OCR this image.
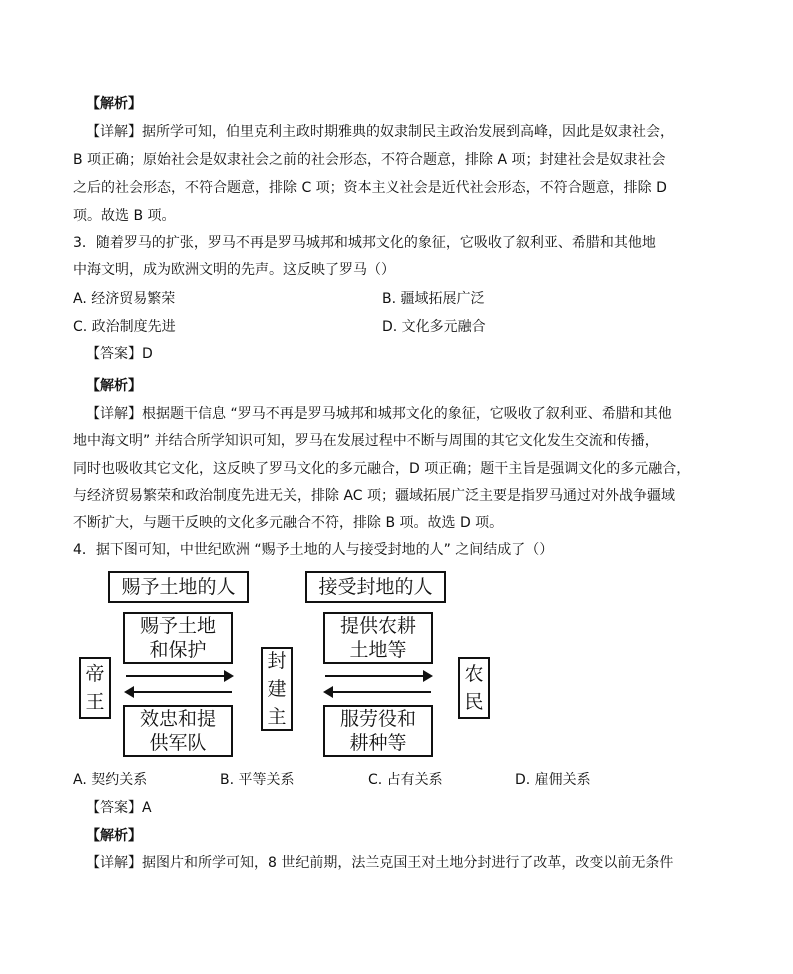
【解析】
【详解】据所学可知，伯里克利主政时期雅典的奴隶制民主政治发展到高峰，因此是奴隶社会，
B 项正确；原始社会是奴隶社会之前的社会形态，不符合题意，排除 A 项；封建社会是奴隶社会
之后的社会形态，不符合题意，排除 C 项；资本主义社会是近代社会形态，不符合题意，排除 D
项。故选 B 项。
3．随着罗马的扩张，罗马不再是罗马城邦和城邦文化的象征，它吸收了叙利亚、希腊和其他地
中海文明，成为欧洲文明的先声。这反映了罗马（）
A. 经济贸易繁荣	B. 疆域拓展广泛
C. 政治制度先进	D. 文化多元融合
【答案】D
【解析】
【详解】根据题干信息 “罗马不再是罗马城邦和城邦文化的象征，它吸收了叙利亚、希腊和其他
地中海文明” 并结合所学知识可知，罗马在发展过程中不断与周围的其它文化发生交流和传播，
同时也吸收其它文化，这反映了罗马文化的多元融合，D 项正确；题干主旨是强调文化的多元融合，
与经济贸易繁荣和政治制度先进无关，排除 AC 项；疆域拓展广泛主要是指罗马通过对外战争疆域
不断扩大，与题干反映的文化多元融合不符，排除 B 项。故选 D 项。
4．据下图可知，中世纪欧洲 “赐予土地的人与接受封地的人” 之间结成了（）
赐予土地的人	接受封地的人
赐予土地
和保护
效忠和提
供军队
提供农耕
土地等
服劳役和
耕种等
帝
王
封
建
主
农
民
A. 契约关系	B. 平等关系	C. 占有关系	D. 雇佣关系
【答案】A
【解析】
【详解】据图片和所学可知，8 世纪前期，法兰克国王对土地分封进行了改革，改变以前无条件
